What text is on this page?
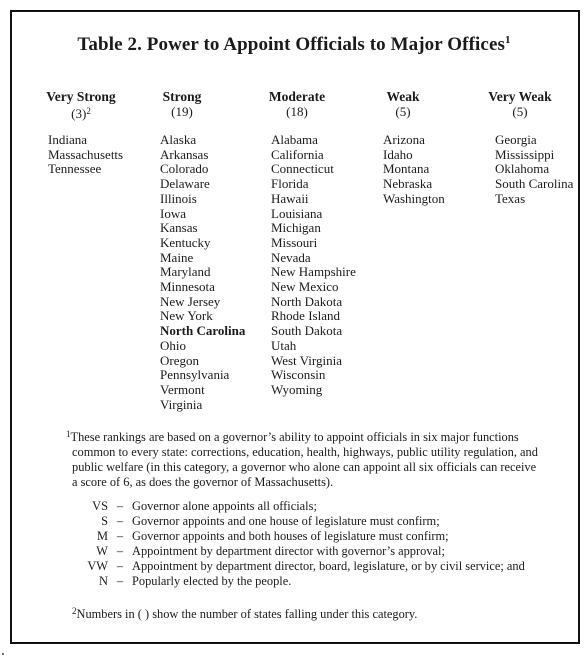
Table 2. Power to Appoint Officials to Major Offices$^1$
Very Strong
$(3)^2$
Indiana
Massachusetts
Tennessee
Strong
(19)
Alaska
Arkansas
Colorado
Delaware
Illinois
Iowa
Kansas
Kentucky
Maine
Maryland
Minnesota
New Jersey
New York
North Carolina
Ohio
Oregon
Pennsylvania
Vermont
Virginia
Moderate
(18)
Alabama
California
Connecticut
Florida
Hawaii
Louisiana
Michigan
Missouri
Nevada
New Hampshire
New Mexico
North Dakota
Rhode Island
South Dakota
Utah
West Virginia
Wisconsin
Wyoming
Weak
(5)
Arizona
Idaho
Montana
Nebraska
Washington
Very Weak
(5)
Georgia
Mississippi
Oklahoma
South Carolina
Texas
$^1$These rankings are based on a governor’s ability to appoint officials in six major functions common to every state: corrections, education, health, highways, public utility regulation, and public welfare (in this category, a governor who alone can appoint all six officials can receive a score of 6, as does the governor of Massachusetts).
VS – Governor alone appoints all officials;
S – Governor appoints and one house of legislature must confirm;
M – Governor appoints and both houses of legislature must confirm;
W – Appointment by department director with governor’s approval;
VW – Appointment by department director, board, legislature, or by civil service; and
N – Popularly elected by the people.
$^2$Numbers in ( ) show the number of states falling under this category.
